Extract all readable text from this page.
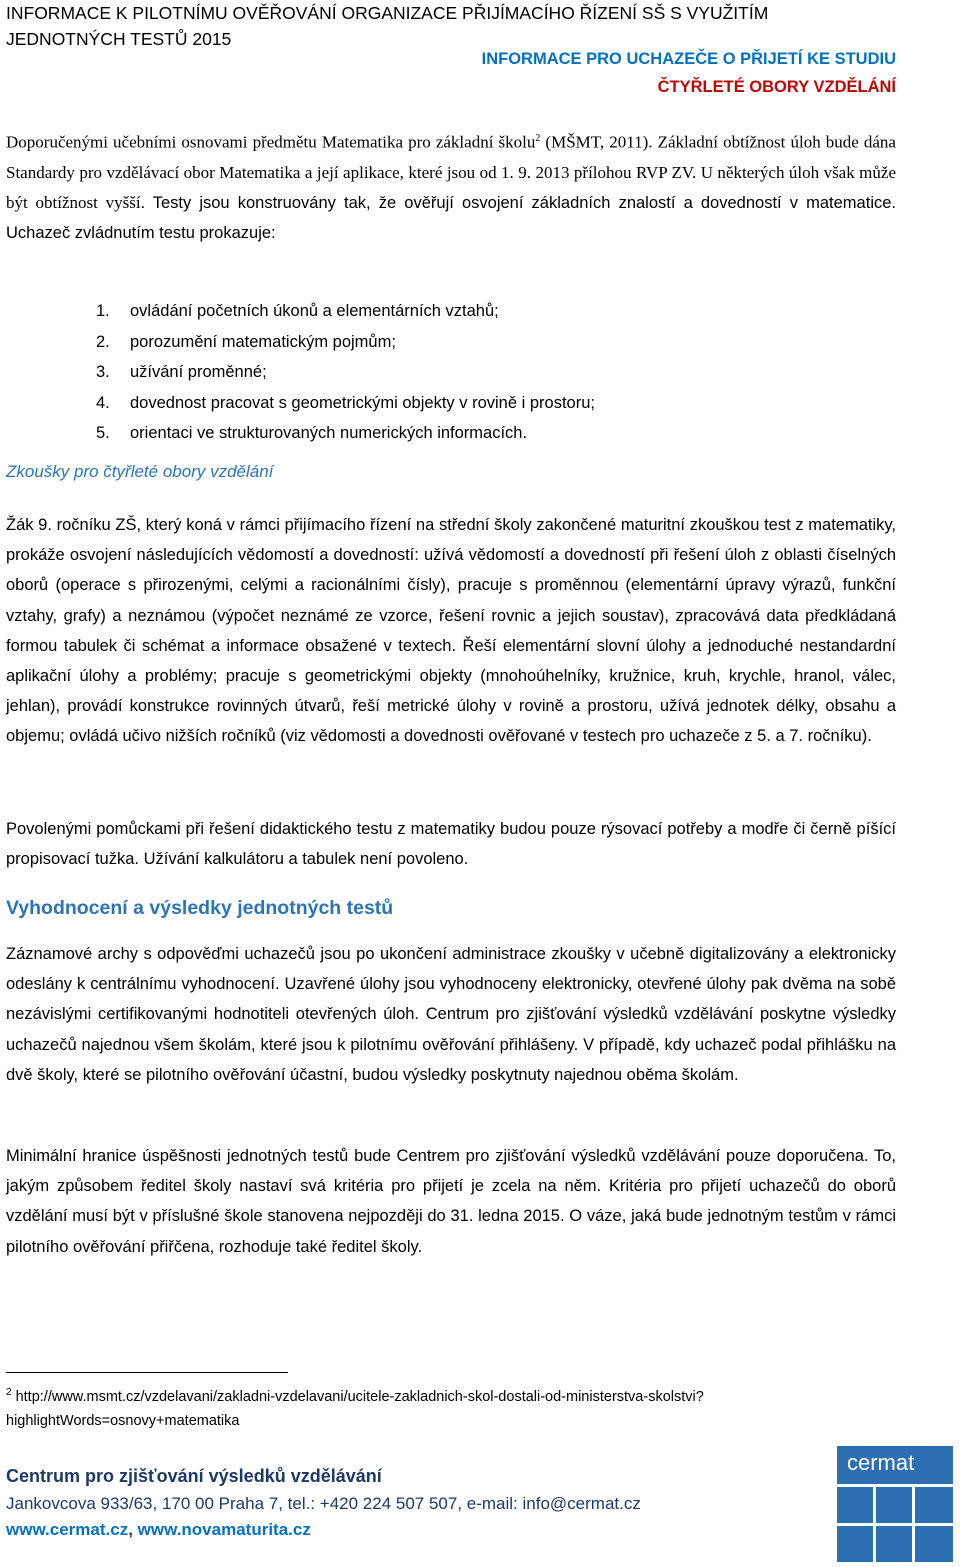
INFORMACE K PILOTNÍMU OVĚŘOVÁNÍ ORGANIZACE PŘIJÍMACÍHO ŘÍZENÍ SŠ S VYUŽITÍM
JEDNOTNÝCH TESTŮ 2015
INFORMACE PRO UCHAZEČE O PŘIJETÍ KE STUDIU
ČTYŘLETÉ OBORY VZDĚLÁNÍ

Doporučenými učebními osnovami předmětu Matematika pro základní školu$^2$ (MŠMT, 2011). Základní obtížnost úloh bude dána Standardy pro vzdělávací obor Matematika a její aplikace, které jsou od 1. 9. 2013 přílohou RVP ZV. U některých úloh však může být obtížnost vyšší. Testy jsou konstruovány tak, že ověřují osvojení základních znalostí a dovedností v matematice. Uchazeč zvládnutím testu prokazuje:

1. ovládání početních úkonů a elementárních vztahů;
2. porozumění matematickým pojmům;
3. užívání proměnné;
4. dovednost pracovat s geometrickými objekty v rovině i prostoru;
5. orientaci ve strukturovaných numerických informacích.
Zkoušky pro čtyřleté obory vzdělání

Žák 9. ročníku ZŠ, který koná v rámci přijímacího řízení na střední školy zakončené maturitní zkouškou test z matematiky, prokáže osvojení následujících vědomostí a dovedností: užívá vědomostí a dovedností při řešení úloh z oblasti číselných oborů (operace s přirozenými, celými a racionálními čísly), pracuje s proměnnou (elementární úpravy výrazů, funkční vztahy, grafy) a neznámou (výpočet neznámé ze vzorce, řešení rovnic a jejich soustav), zpracovává data předkládaná formou tabulek či schémat a informace obsažené v textech. Řeší elementární slovní úlohy a jednoduché nestandardní aplikační úlohy a problémy; pracuje s geometrickými objekty (mnohoúhelníky, kružnice, kruh, krychle, hranol, válec, jehlan), provádí konstrukce rovinných útvarů, řeší metrické úlohy v rovině a prostoru, užívá jednotek délky, obsahu a objemu; ovládá učivo nižších ročníků (viz vědomosti a dovednosti ověřované v testech pro uchazeče z 5. a 7. ročníku).

Povolenými pomůckami při řešení didaktického testu z matematiky budou pouze rýsovací potřeby a modře či černě píšící propisovací tužka. Užívání kalkulátoru a tabulek není povoleno.

Vyhodnocení a výsledky jednotných testů

Záznamové archy s odpověďmi uchazečů jsou po ukončení administrace zkoušky v učebně digitalizovány a elektronicky odeslány k centrálnímu vyhodnocení. Uzavřené úlohy jsou vyhodnoceny elektronicky, otevřené úlohy pak dvěma na sobě nezávislými certifikovanými hodnotiteli otevřených úloh. Centrum pro zjišťování výsledků vzdělávání poskytne výsledky uchazečů najednou všem školám, které jsou k pilotnímu ověřování přihlášeny. V případě, kdy uchazeč podal přihlášku na dvě školy, které se pilotního ověřování účastní, budou výsledky poskytnuty najednou oběma školám.

Minimální hranice úspěšnosti jednotných testů bude Centrem pro zjišťování výsledků vzdělávání pouze doporučena. To, jakým způsobem ředitel školy nastaví svá kritéria pro přijetí je zcela na něm. Kritéria pro přijetí uchazečů do oborů vzdělání musí být v příslušné škole stanovena nejpozději do 31. ledna 2015. O váze, jaká bude jednotným testům v rámci pilotního ověřování přiřčena, rozhoduje také ředitel školy.

$^2$ http://www.msmt.cz/vzdelavani/zakladni-vzdelavani/ucitele-zakladnich-skol-dostali-od-ministerstva-skolstvi?highlightWords=osnovy+matematika
Centrum pro zjišťování výsledků vzdělávání
Jankovcova 933/63, 170 00 Praha 7, tel.: +420 224 507 507, e-mail: info@cermat.cz
www.cermat.cz, www.novamaturita.cz
cermat
